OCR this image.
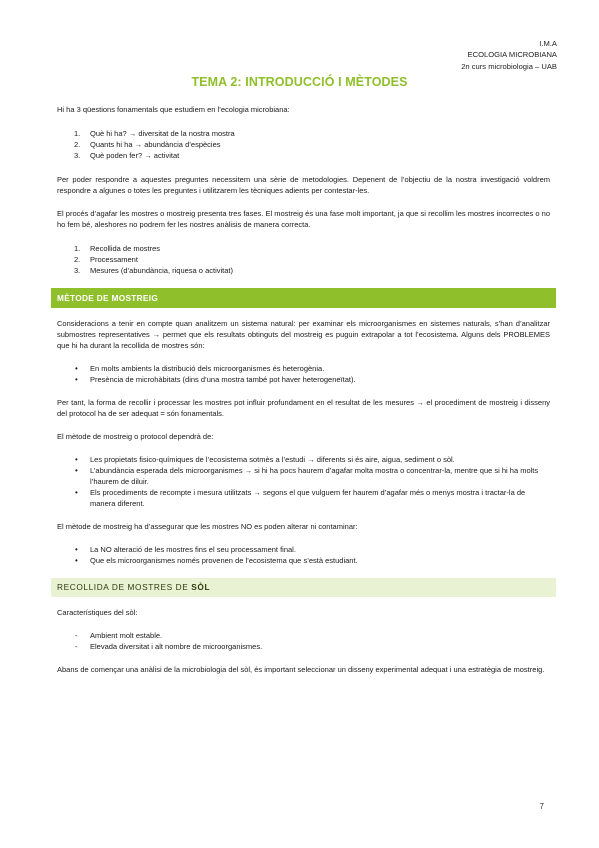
I.M.A
ECOLOGIA MICROBIANA
2n curs microbiologia – UAB
TEMA 2: INTRODUCCIÓ I MÈTODES

Hi ha 3 qüestions fonamentals que estudiem en l’ecologia microbiana:

1. Què hi ha? → diversitat de la nostra mostra
2. Quants hi ha → abundància d’espècies
3. Què poden fer? → activitat

Per poder respondre a aquestes preguntes necessitem una sèrie de metodologies. Depenent de l’objectiu de la nostra investigació voldrem respondre a algunes o totes les preguntes i utilitzarem les tècniques adients per contestar-les.

El procés d’agafar les mostres o mostreig presenta tres fases. El mostreig és una fase molt important, ja que si recollim les mostres incorrectes o no ho fem bé, aleshores no podrem fer les nostres anàlisis de manera correcta.

1. Recollida de mostres
2. Processament
3. Mesures (d’abundància, riquesa o activitat)
MÈTODE DE MOSTREIG

Consideracions a tenir en compte quan analitzem un sistema natural: per examinar els microorganismes en sistemes naturals, s’han d’analitzar submostres representatives → permet que els resultats obtinguts del mostreig es puguin extrapolar a tot l’ecosistema. Alguns dels PROBLEMES que hi ha durant la recollida de mostres són:

• En molts ambients la distribució dels microorganismes és heterogènia.
• Presència de microhàbitats (dins d’una mostra també pot haver heterogeneïtat).

Per tant, la forma de recollir i processar les mostres pot influir profundament en el resultat de les mesures → el procediment de mostreig i disseny del protocol ha de ser adequat = són fonamentals.

El mètode de mostreig o protocol dependrà de:

• Les propietats fisico-químiques de l’ecosistema sotmès a l’estudi → diferents si és aire, aigua, sediment o sòl.
• L’abundància esperada dels microorganismes → si hi ha pocs haurem d’agafar molta mostra o concentrar-la, mentre que si hi ha molts l’haurem de diluir.
• Els procediments de recompte i mesura utilitzats → segons el que vulguem fer haurem d’agafar més o menys mostra i tractar-la de manera diferent.

El mètode de mostreig ha d’assegurar que les mostres NO es poden alterar ni contaminar:

• La NO alteració de les mostres fins el seu processament final.
• Que els microorganismes només provenen de l’ecosistema que s’està estudiant.
RECOLLIDA DE MOSTRES DE SÒL

Característiques del sòl:

- Ambient molt estable.
- Elevada diversitat i alt nombre de microorganismes.

Abans de començar una anàlisi de la microbiologia del sòl, és important seleccionar un disseny experimental adequat i una estratègia de mostreig.

7
